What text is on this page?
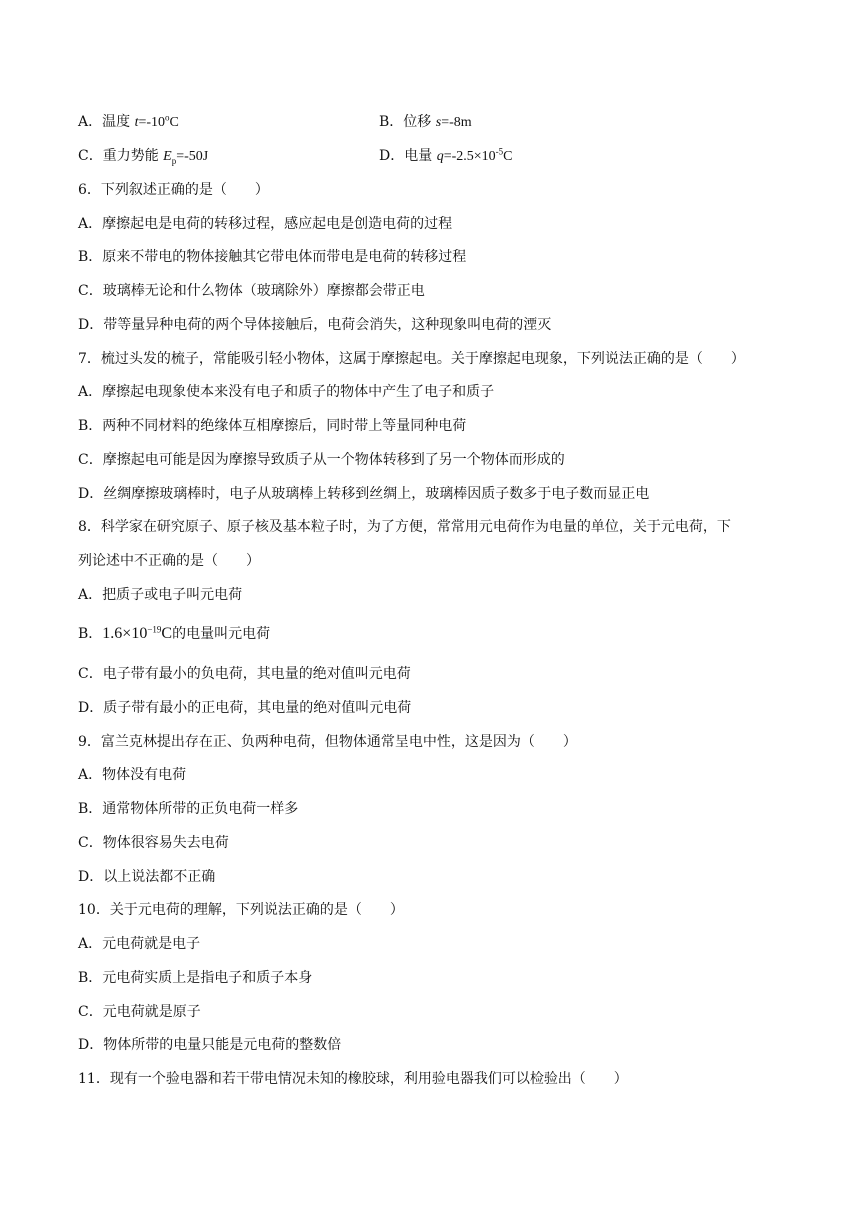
A．温度 $t=-10^oC$	B．位移 s=-8m
C．重力势能 $E_p=-50J$	D．电量 $q=-2.5\times 10^{-5}C$
6．下列叙述正确的是（　　）
A．摩擦起电是电荷的转移过程，感应起电是创造电荷的过程
B．原来不带电的物体接触其它带电体而带电是电荷的转移过程
C．玻璃棒无论和什么物体（玻璃除外）摩擦都会带正电
D．带等量异种电荷的两个导体接触后，电荷会消失，这种现象叫电荷的湮灭
7．梳过头发的梳子，常能吸引轻小物体，这属于摩擦起电。关于摩擦起电现象，下列说法正确的是（　　）
A．摩擦起电现象使本来没有电子和质子的物体中产生了电子和质子
B．两种不同材料的绝缘体互相摩擦后，同时带上等量同种电荷
C．摩擦起电可能是因为摩擦导致质子从一个物体转移到了另一个物体而形成的
D．丝绸摩擦玻璃棒时，电子从玻璃棒上转移到丝绸上，玻璃棒因质子数多于电子数而显正电
8．科学家在研究原子、原子核及基本粒子时，为了方便，常常用元电荷作为电量的单位，关于元电荷，下
列论述中不正确的是（　　）
A．把质子或电子叫元电荷
B．$1.6\times 10^{-19}C$的电量叫元电荷
C．电子带有最小的负电荷，其电量的绝对值叫元电荷
D．质子带有最小的正电荷，其电量的绝对值叫元电荷
9．富兰克林提出存在正、负两种电荷，但物体通常呈电中性，这是因为（　　）
A．物体没有电荷
B．通常物体所带的正负电荷一样多
C．物体很容易失去电荷
D．以上说法都不正确
10．关于元电荷的理解，下列说法正确的是（　　）
A．元电荷就是电子
B．元电荷实质上是指电子和质子本身
C．元电荷就是原子
D．物体所带的电量只能是元电荷的整数倍
11．现有一个验电器和若干带电情况未知的橡胶球，利用验电器我们可以检验出（　　）
